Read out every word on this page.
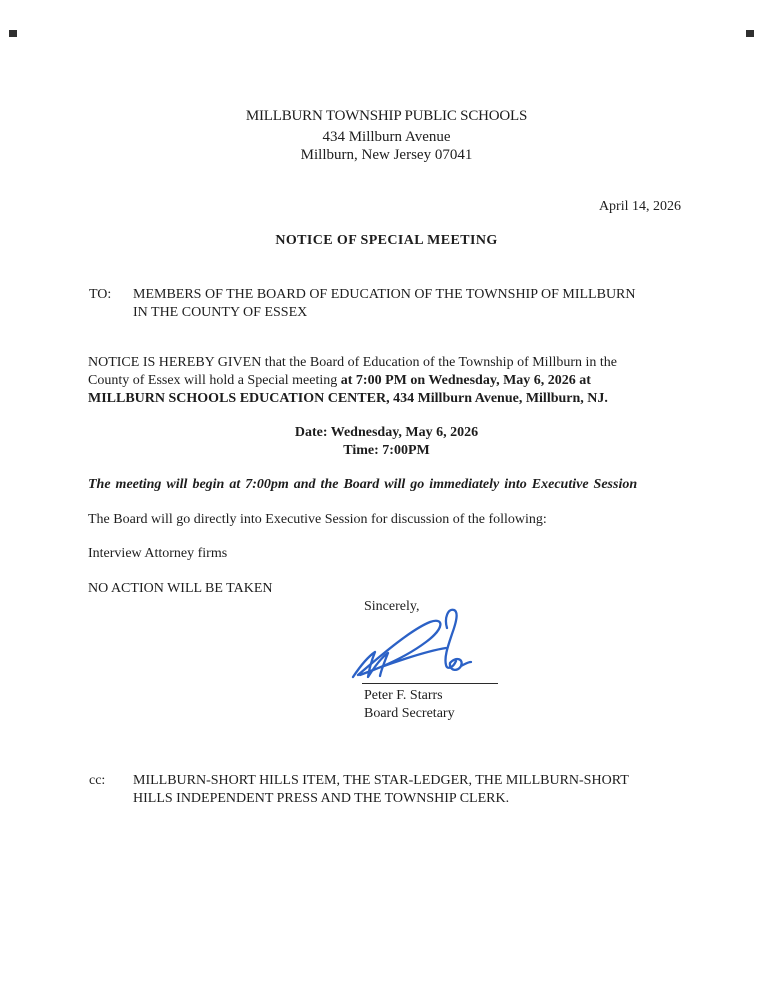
MILLBURN TOWNSHIP PUBLIC SCHOOLS
434 Millburn Avenue
Millburn, New Jersey 07041
April 14, 2026
NOTICE OF SPECIAL MEETING
TO: MEMBERS OF THE BOARD OF EDUCATION OF THE TOWNSHIP OF MILLBURN
IN THE COUNTY OF ESSEX
NOTICE IS HEREBY GIVEN that the Board of Education of the Township of Millburn in the
County of Essex will hold a Special meeting at 7:00 PM on Wednesday, May 6, 2026 at
MILLBURN SCHOOLS EDUCATION CENTER, 434 Millburn Avenue, Millburn, NJ.
Date: Wednesday, May 6, 2026
Time: 7:00PM
The meeting will begin at 7:00pm and the Board will go immediately into Executive Session
The Board will go directly into Executive Session for discussion of the following:
Interview Attorney firms
NO ACTION WILL BE TAKEN
Sincerely,
Peter F. Starrs
Board Secretary
cc: MILLBURN-SHORT HILLS ITEM, THE STAR-LEDGER, THE MILLBURN-SHORT
HILLS INDEPENDENT PRESS AND THE TOWNSHIP CLERK.
